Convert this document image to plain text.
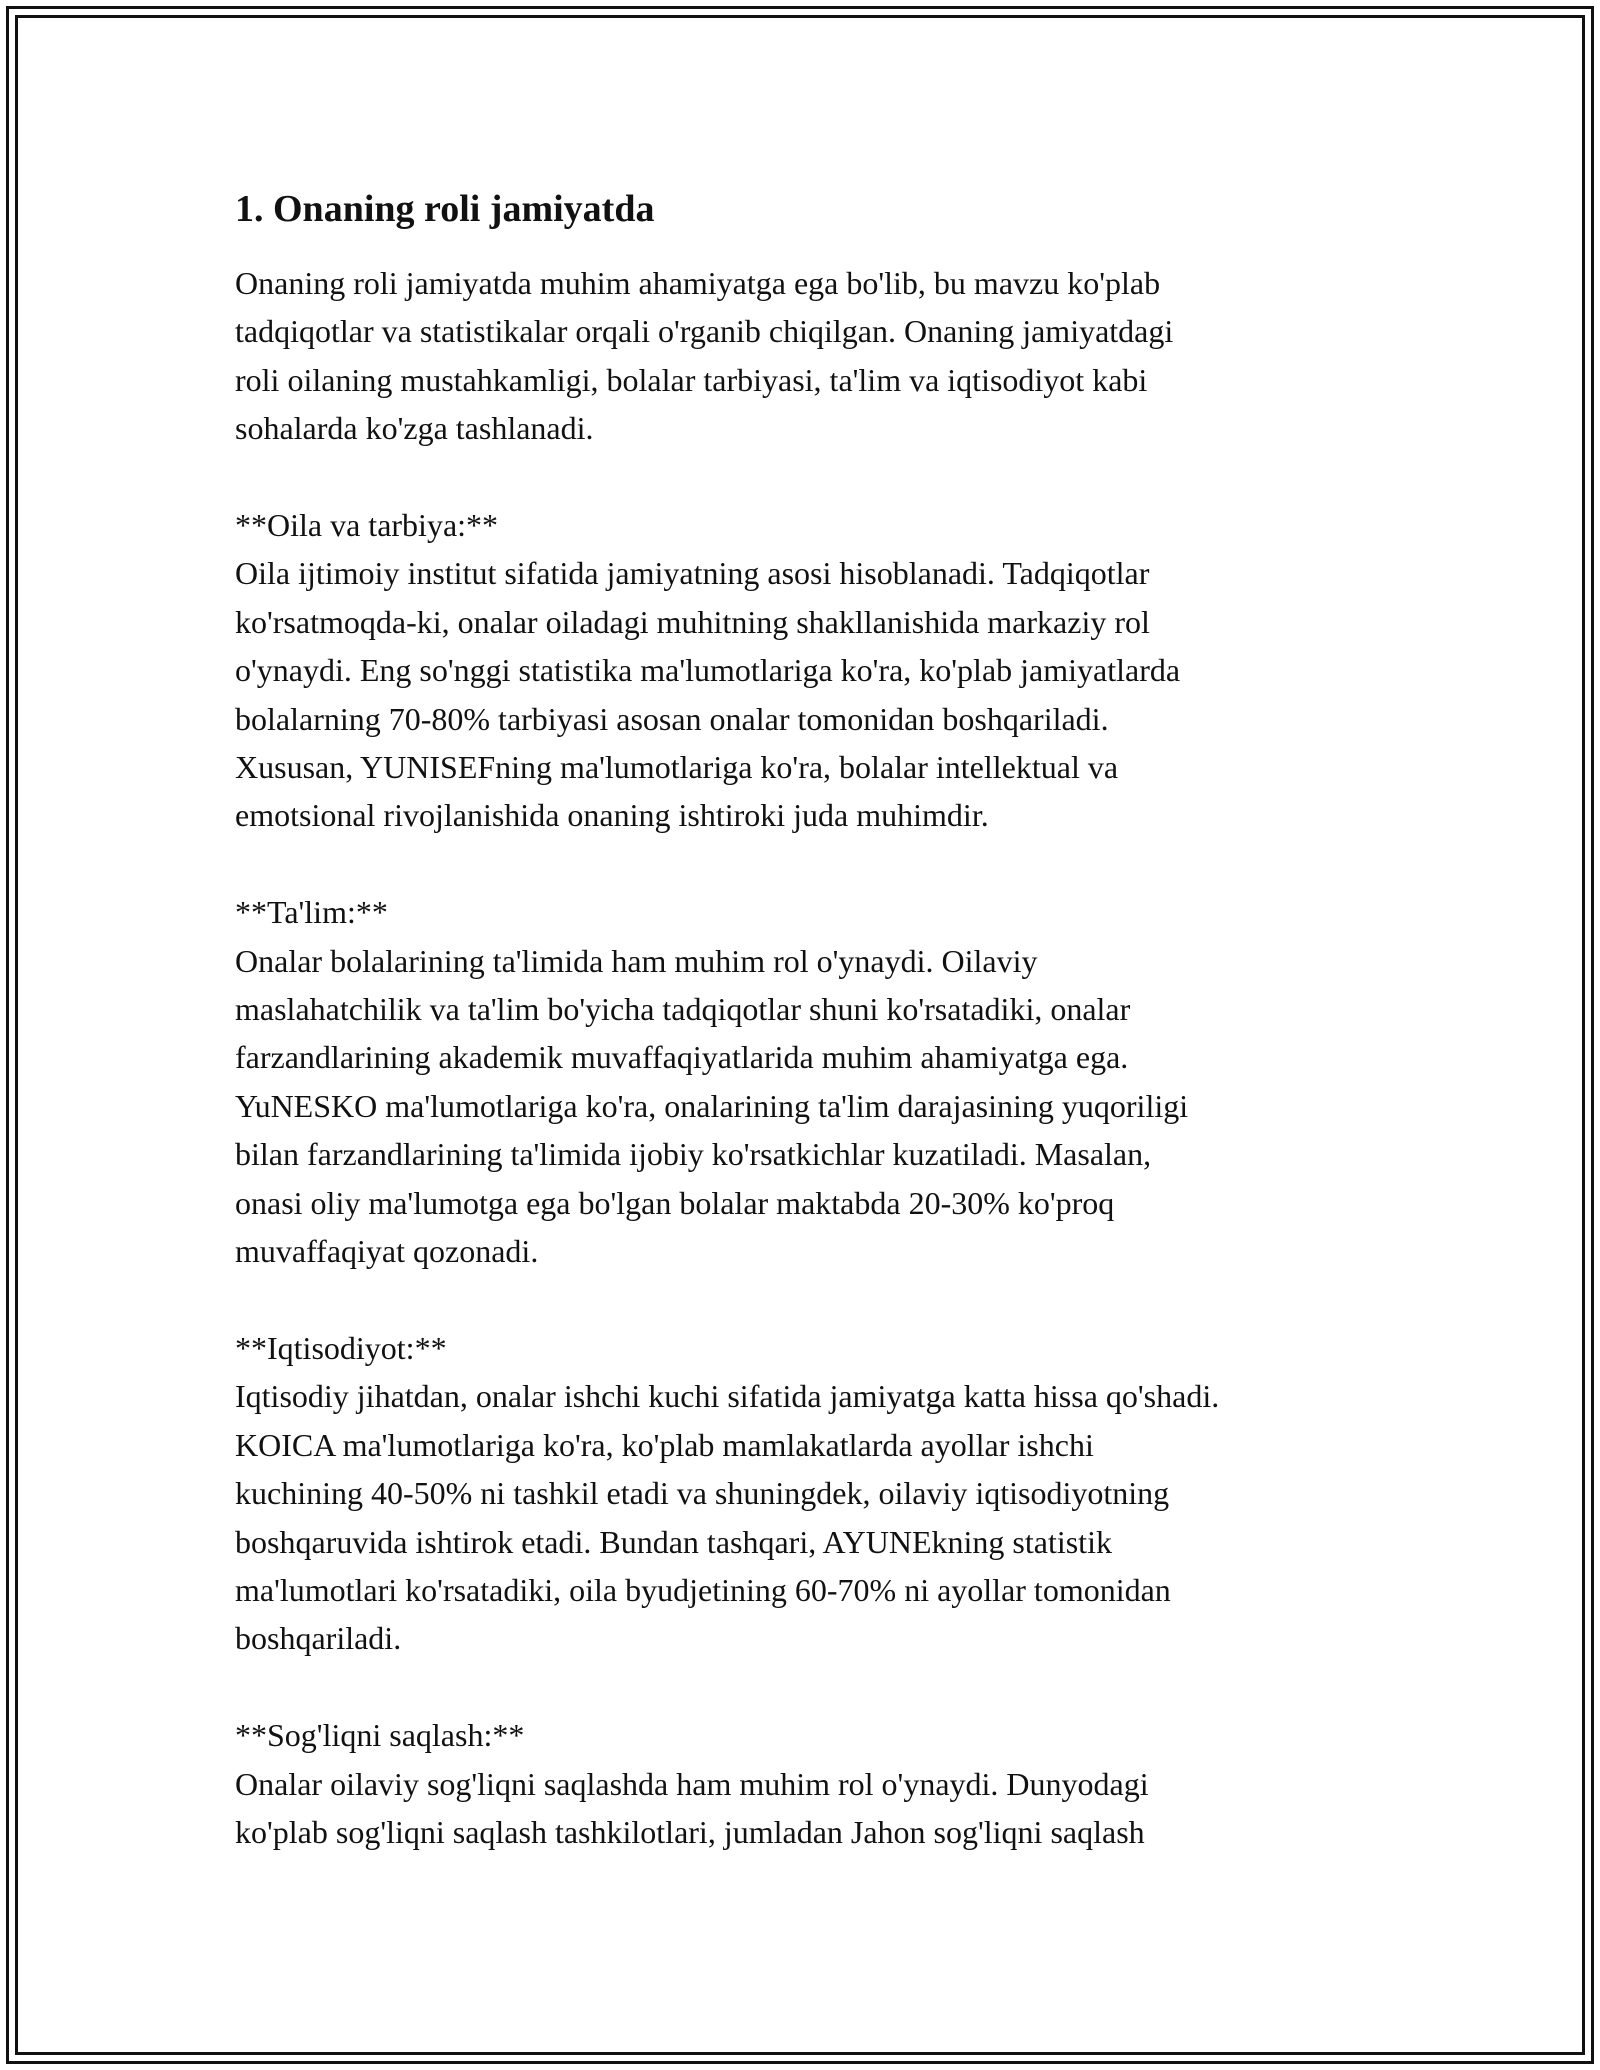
1. Onaning roli jamiyatda

Onaning roli jamiyatda muhim ahamiyatga ega bo'lib, bu mavzu ko'plab
tadqiqotlar va statistikalar orqali o'rganib chiqilgan. Onaning jamiyatdagi
roli oilaning mustahkamligi, bolalar tarbiyasi, ta'lim va iqtisodiyot kabi
sohalarda ko'zga tashlanadi.

**Oila va tarbiya:**
Oila ijtimoiy institut sifatida jamiyatning asosi hisoblanadi. Tadqiqotlar
ko'rsatmoqda-ki, onalar oiladagi muhitning shakllanishida markaziy rol
o'ynaydi. Eng so'nggi statistika ma'lumotlariga ko'ra, ko'plab jamiyatlarda
bolalarning 70-80% tarbiyasi asosan onalar tomonidan boshqariladi.
Xususan, YUNISEFning ma'lumotlariga ko'ra, bolalar intellektual va
emotsional rivojlanishida onaning ishtiroki juda muhimdir.

**Ta'lim:**
Onalar bolalarining ta'limida ham muhim rol o'ynaydi. Oilaviy
maslahatchilik va ta'lim bo'yicha tadqiqotlar shuni ko'rsatadiki, onalar
farzandlarining akademik muvaffaqiyatlarida muhim ahamiyatga ega.
YuNESKO ma'lumotlariga ko'ra, onalarining ta'lim darajasining yuqoriligi
bilan farzandlarining ta'limida ijobiy ko'rsatkichlar kuzatiladi. Masalan,
onasi oliy ma'lumotga ega bo'lgan bolalar maktabda 20-30% ko'proq
muvaffaqiyat qozonadi.

**Iqtisodiyot:**
Iqtisodiy jihatdan, onalar ishchi kuchi sifatida jamiyatga katta hissa qo'shadi.
KOICA ma'lumotlariga ko'ra, ko'plab mamlakatlarda ayollar ishchi
kuchining 40-50% ni tashkil etadi va shuningdek, oilaviy iqtisodiyotning
boshqaruvida ishtirok etadi. Bundan tashqari, AYUNEkning statistik
ma'lumotlari ko'rsatadiki, oila byudjetining 60-70% ni ayollar tomonidan
boshqariladi.

**Sog'liqni saqlash:**
Onalar oilaviy sog'liqni saqlashda ham muhim rol o'ynaydi. Dunyodagi
ko'plab sog'liqni saqlash tashkilotlari, jumladan Jahon sog'liqni saqlash
